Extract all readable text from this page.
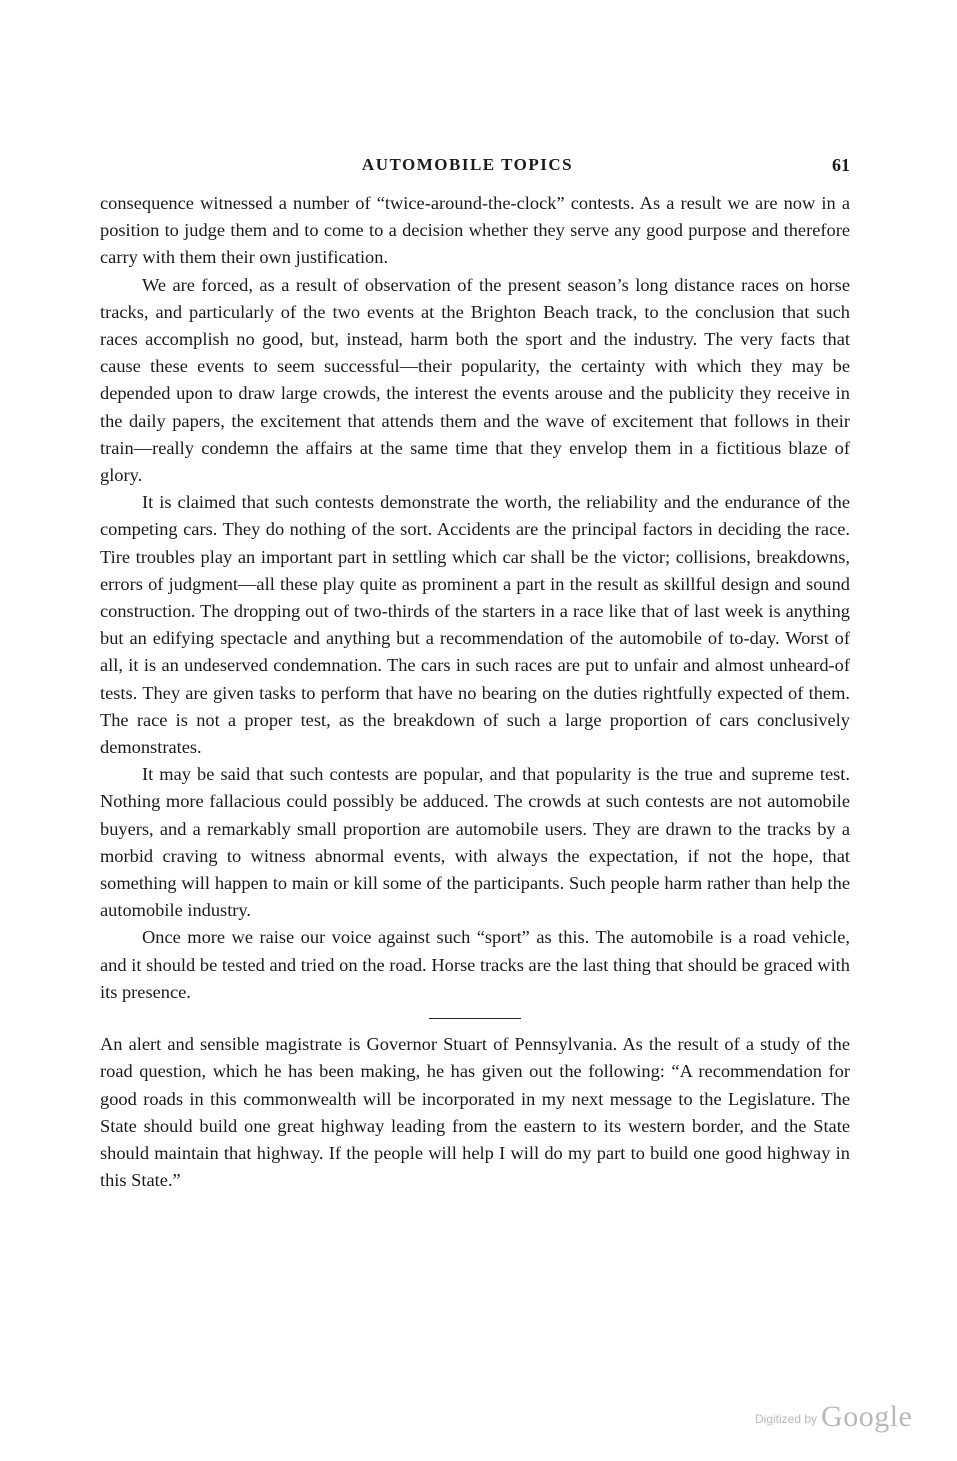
AUTOMOBILE TOPICS	61

consequence witnessed a number of “twice-around-the-clock” contests. As a result we are now in a position to judge them and to come to a decision whether they serve any good purpose and therefore carry with them their own justification.

We are forced, as a result of observation of the present season’s long distance races on horse tracks, and particularly of the two events at the Brighton Beach track, to the conclusion that such races accomplish no good, but, instead, harm both the sport and the industry. The very facts that cause these events to seem successful—their popularity, the certainty with which they may be depended upon to draw large crowds, the interest the events arouse and the publicity they receive in the daily papers, the excitement that attends them and the wave of excitement that follows in their train—really condemn the affairs at the same time that they envelop them in a fictitious blaze of glory.

It is claimed that such contests demonstrate the worth, the reliability and the endurance of the competing cars. They do nothing of the sort. Accidents are the principal factors in deciding the race. Tire troubles play an important part in settling which car shall be the victor; collisions, breakdowns, errors of judgment—all these play quite as prominent a part in the result as skillful design and sound construction. The dropping out of two-thirds of the starters in a race like that of last week is anything but an edifying spectacle and anything but a recommendation of the automobile of to-day. Worst of all, it is an undeserved condemnation. The cars in such races are put to unfair and almost unheard-of tests. They are given tasks to perform that have no bearing on the duties rightfully expected of them. The race is not a proper test, as the breakdown of such a large proportion of cars conclusively demonstrates.

It may be said that such contests are popular, and that popularity is the true and supreme test. Nothing more fallacious could possibly be adduced. The crowds at such contests are not automobile buyers, and a remarkably small proportion are automobile users. They are drawn to the tracks by a morbid craving to witness abnormal events, with always the expectation, if not the hope, that something will happen to main or kill some of the participants. Such people harm rather than help the automobile industry.

Once more we raise our voice against such “sport” as this. The automobile is a road vehicle, and it should be tested and tried on the road. Horse tracks are the last thing that should be graced with its presence.

An alert and sensible magistrate is Governor Stuart of Pennsylvania. As the result of a study of the road question, which he has been making, he has given out the following: “A recommendation for good roads in this commonwealth will be incorporated in my next message to the Legislature. The State should build one great highway leading from the eastern to its western border, and the State should maintain that highway. If the people will help I will do my part to build one good highway in this State.”

Digitized by Google
